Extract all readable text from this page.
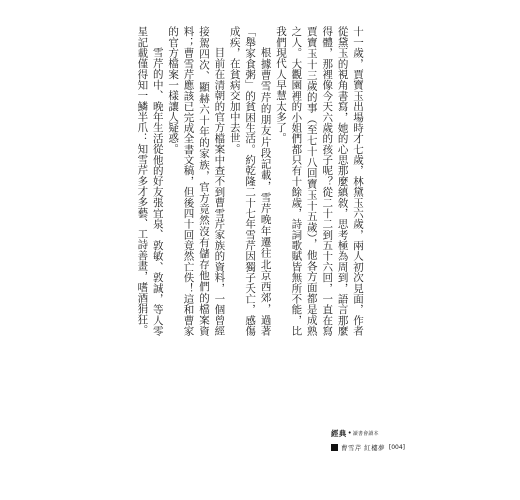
十一歲，賈寶玉出場時才七歲，林黛玉六歲，兩人初次見面，作者從黛玉的視角書寫，她的心思那麼縝敘，思考極為周到，語言那麼得體，那裡像今天六歲的孩子呢？從二十二到五十六回，一直在寫賈寶玉十三歲的事（至七十八回寶玉十五歲），他各方面都是成熟之人。大觀園裡的小姐們都只有十餘歲，詩詞歌賦皆無所不能，比我們現代人早慧太多了。

根據曹雪芹的朋友片段記載，雪芹晚年遷往北京西郊，過著「舉家食粥」的貧困生活。約乾隆二十七年雪芹因獨子夭亡，感傷成疾，在貧病交加中去世。

目前在清朝的官方檔案中查不到曹雪芹家族的資料，一個曾經接駕四次、顯赫六十年的家族，官方竟然沒有儲存他們的檔案資料；曹雪芹應該已完成全書文稿，但後四十回竟然亡佚！這和曹家的官方檔案一樣讓人疑惑。

雪芹的中、晚年生活從他的好友張宜泉、敦敏、敦誠，等人零星記載僅得知一鱗半爪：知雪芹多才多藝、工詩善畫，嗜酒狷狂。

經典 • 讀書會讀本
曹雪芹 紅樓夢 [004]
